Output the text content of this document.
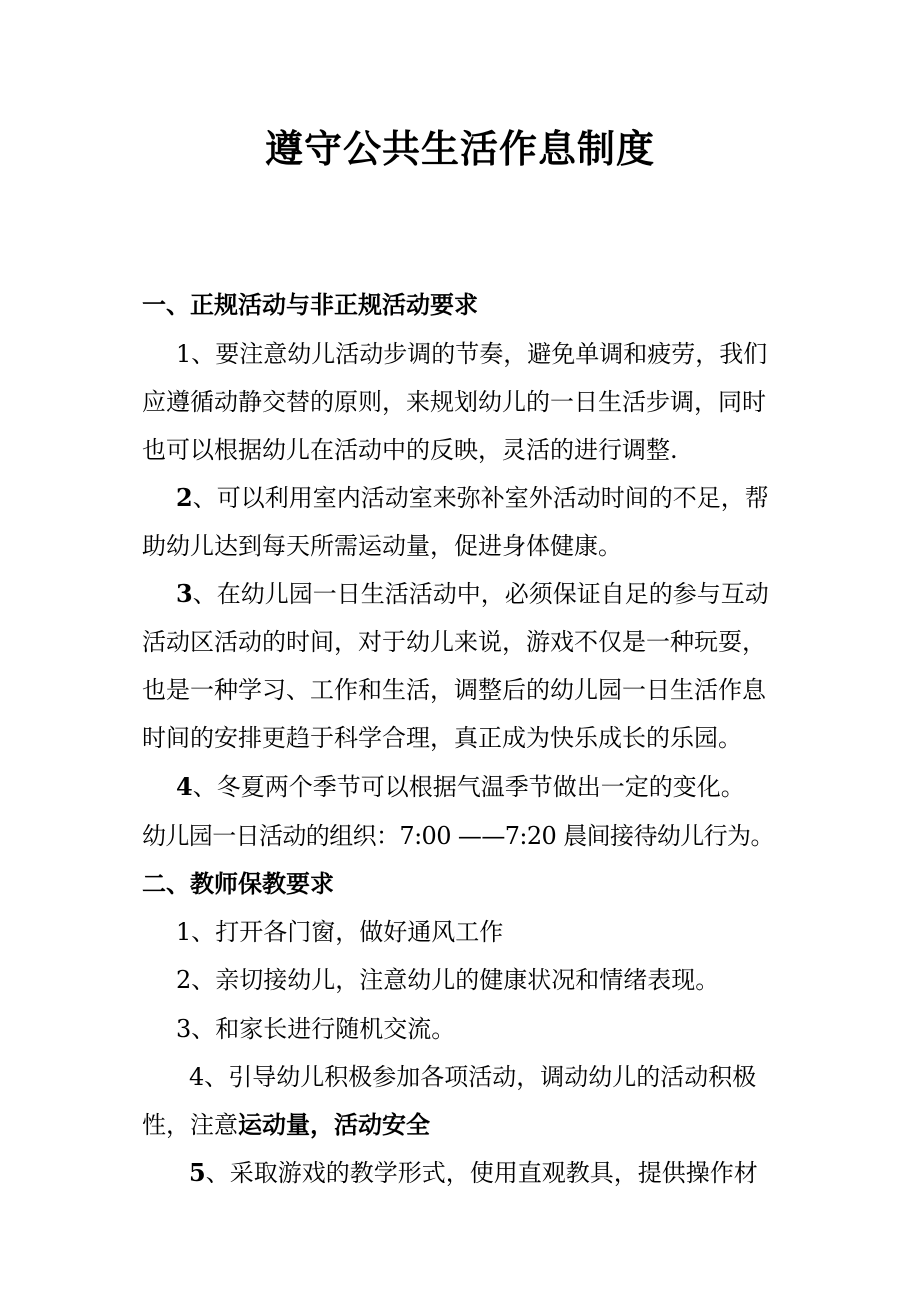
遵守公共生活作息制度
一、正规活动与非正规活动要求
1、要注意幼儿活动步调的节奏，避免单调和疲劳，我们
应遵循动静交替的原则，来规划幼儿的一日生活步调，同时
也可以根据幼儿在活动中的反映，灵活的进行调整.
2、可以利用室内活动室来弥补室外活动时间的不足，帮
助幼儿达到每天所需运动量，促进身体健康。
3、在幼儿园一日生活活动中，必须保证自足的参与互动
活动区活动的时间，对于幼儿来说，游戏不仅是一种玩耍，
也是一种学习、工作和生活，调整后的幼儿园一日生活作息
时间的安排更趋于科学合理，真正成为快乐成长的乐园。
4、冬夏两个季节可以根据气温季节做出一定的变化。
幼儿园一日活动的组织：7:00 ——7:20 晨间接待幼儿行为。
二、教师保教要求
1、打开各门窗，做好通风工作
2、亲切接幼儿，注意幼儿的健康状况和情绪表现。
3、和家长进行随机交流。
4、引导幼儿积极参加各项活动，调动幼儿的活动积极
性，注意运动量，活动安全
5、采取游戏的教学形式，使用直观教具，提供操作材
